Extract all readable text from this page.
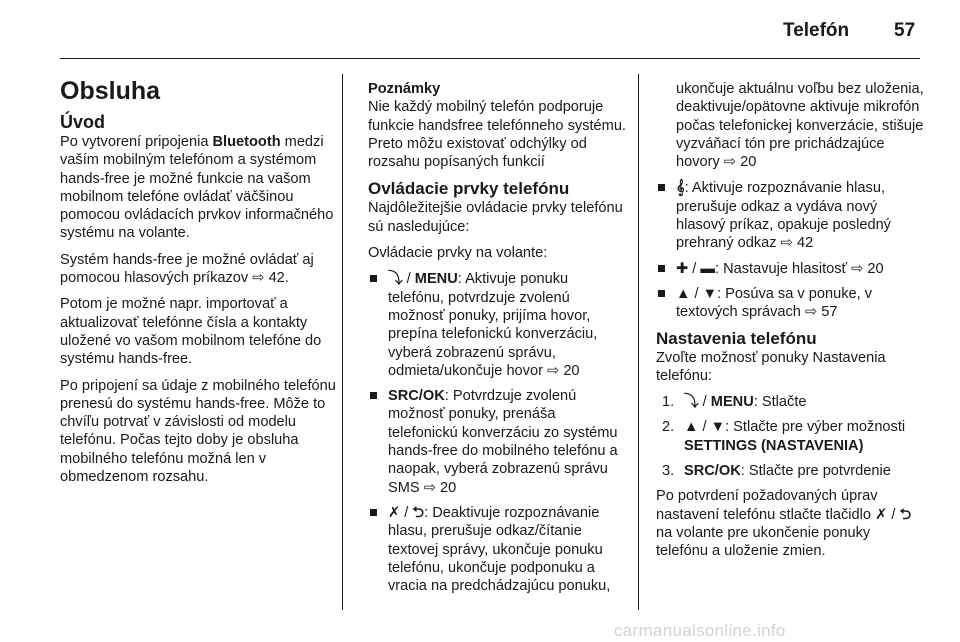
Telefón 57
Obsluha
Úvod

Po vytvorení pripojenia Bluetooth medzi vaším mobilným telefónom a systémom hands-free je možné funkcie na vašom mobilnom telefóne ovládať väčšinou pomocou ovládacích prvkov informačného systému na volante.

Systém hands-free je možné ovládať aj pomocou hlasových príkazov ⇨ 42.

Potom je možné napr. importovať a aktualizovať telefónne čísla a kontakty uložené vo vašom mobilnom telefóne do systému hands-free.

Po pripojení sa údaje z mobilného telefónu prenesú do systému hands-free. Môže to chvíľu potrvať v závislosti od modelu telefónu. Počas tejto doby je obsluha mobilného telefónu možná len v obmedzenom rozsahu.

Poznámky
Nie každý mobilný telefón podporuje funkcie handsfree telefónneho systému. Preto môžu existovať odchýlky od rozsahu popísaných funkcií

Ovládacie prvky telefónu

Najdôležitejšie ovládacie prvky telefónu sú nasledujúce:

Ovládacie prvky na volante:

⤵ / MENU: Aktivuje ponuku telefónu, potvrdzuje zvolenú možnosť ponuky, prijíma hovor, prepína telefonickú konverzáciu, vyberá zobrazenú správu, odmieta/ukončuje hovor ⇨ 20
SRC/OK: Potvrdzuje zvolenú možnosť ponuky, prenáša telefonickú konverzáciu zo systému hands-free do mobilného telefónu a naopak, vyberá zobrazenú správu SMS ⇨ 20
✗ / ⮌: Deaktivuje rozpoznávanie hlasu, prerušuje odkaz/čítanie textovej správy, ukončuje ponuku telefónu, ukončuje podponuku a vracia na predchádzajúcu ponuku,

ukončuje aktuálnu voľbu bez uloženia, deaktivuje/opätovne aktivuje mikrofón počas telefonickej konverzácie, stišuje vyzváňací tón pre prichádzajúce hovory ⇨ 20

𝄞: Aktivuje rozpoznávanie hlasu, prerušuje odkaz a vydáva nový hlasový príkaz, opakuje posledný prehraný odkaz ⇨ 42
✚ / ▬: Nastavuje hlasitosť ⇨ 20
▲ / ▼: Posúva sa v ponuke, v textových správach ⇨ 57
Nastavenia telefónu

Zvoľte možnosť ponuky Nastavenia telefónu:

1. ⤵ / MENU: Stlačte
2. ▲ / ▼: Stlačte pre výber možnosti SETTINGS (NASTAVENIA)
3. SRC/OK: Stlačte pre potvrdenie

Po potvrdení požadovaných úprav nastavení telefónu stlačte tlačidlo ✗ / ⮌ na volante pre ukončenie ponuky telefónu a uloženie zmien.

carmanualsonline.info
